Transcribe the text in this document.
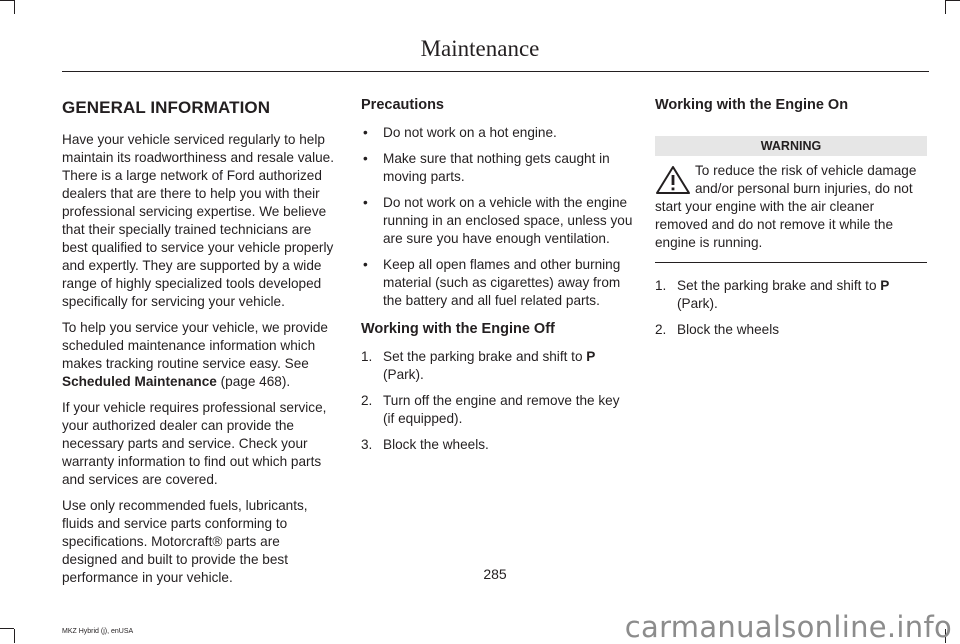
Maintenance
GENERAL INFORMATION

Have your vehicle serviced regularly to help maintain its roadworthiness and resale value. There is a large network of Ford authorized dealers that are there to help you with their professional servicing expertise. We believe that their specially trained technicians are best qualified to service your vehicle properly and expertly. They are supported by a wide range of highly specialized tools developed specifically for servicing your vehicle.

To help you service your vehicle, we provide scheduled maintenance information which makes tracking routine service easy. See Scheduled Maintenance (page 468).

If your vehicle requires professional service, your authorized dealer can provide the necessary parts and service. Check your warranty information to find out which parts and services are covered.

Use only recommended fuels, lubricants, fluids and service parts conforming to specifications. Motorcraft® parts are designed and built to provide the best performance in your vehicle.

Precautions
• Do not work on a hot engine.
• Make sure that nothing gets caught in moving parts.
• Do not work on a vehicle with the engine running in an enclosed space, unless you are sure you have enough ventilation.
• Keep all open flames and other burning material (such as cigarettes) away from the battery and all fuel related parts.
Working with the Engine Off
1. Set the parking brake and shift to P (Park).
2. Turn off the engine and remove the key (if equipped).
3. Block the wheels.
Working with the Engine On
WARNING
To reduce the risk of vehicle damage and/or personal burn injuries, do not start your engine with the air cleaner removed and do not remove it while the engine is running.
1. Set the parking brake and shift to P (Park).
2. Block the wheels
285
MKZ Hybrid (j), enUSA	carmanualsonline.info
